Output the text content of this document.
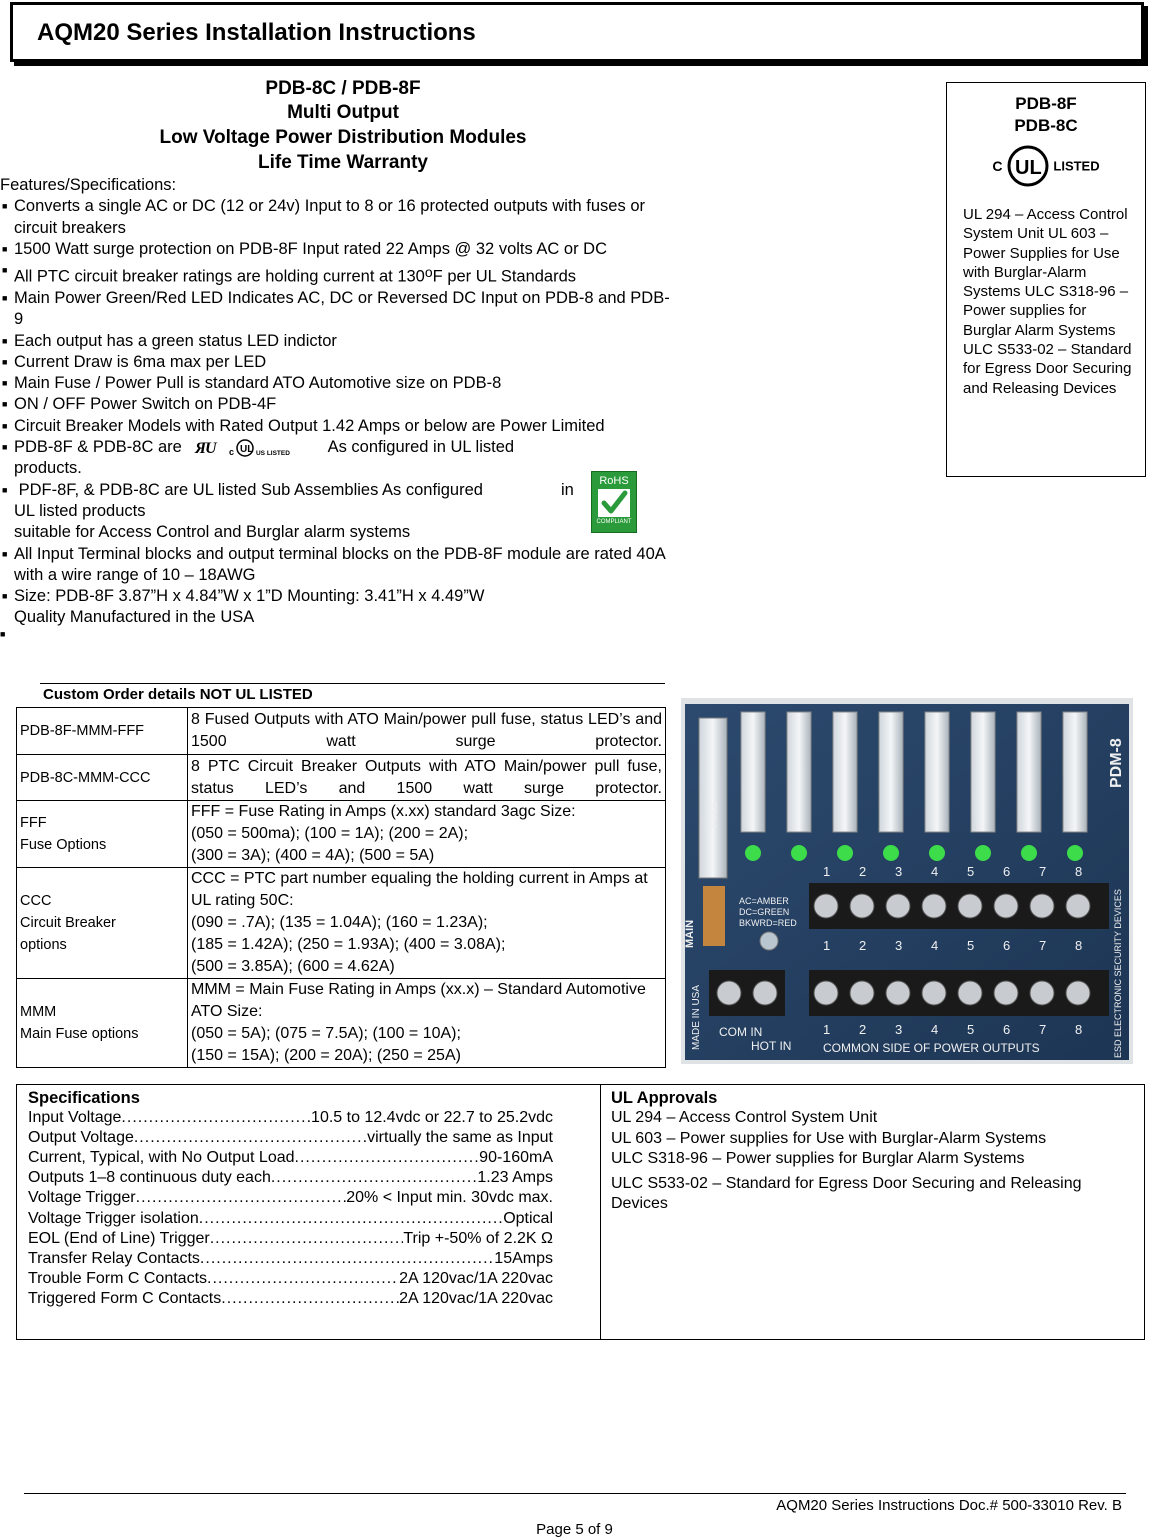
AQM20 Series Installation Instructions
PDB-8C / PDB-8F
Multi Output
Low Voltage Power Distribution Modules
Life Time Warranty
Features/Specifications:
■ Converts a single AC or DC (12 or 24v) Input to 8 or 16 protected outputs with fuses or circuit breakers
■ 1500 Watt surge protection on PDB-8F Input rated 22 Amps @ 32 volts AC or DC
■ All PTC circuit breaker ratings are holding current at 130$^o$F per UL Standards
■ Main Power Green/Red LED Indicates AC, DC or Reversed DC Input on PDB-8 and PDB-9
■ Each output has a green status LED indictor
■ Current Draw is 6ma max per LED
■ Main Fuse / Power Pull is standard ATO Automotive size on PDB-8
■ ON / OFF Power Switch on PDB-4F
■ Circuit Breaker Models with Rated Output 1.42 Amps or below are Power Limited
■ PDB-8F & PDB-8C are Я
U
c UL US LISTED As configured in UL listed
products.
■ PDF-8F, & PDB-8C are UL listed Sub Assemblies As configured	in
UL listed products
suitable for Access Control and Burglar alarm systems
■ All Input Terminal blocks and output terminal blocks on the PDB-8F module are rated 40A with a wire range of 10 – 18AWG
■ Size: PDB-8F 3.87”H x 4.84”W x 1”D Mounting: 3.41”H x 4.49”W
Quality Manufactured in the USA
■
RoHS
COMPLIANT
PDB-8F
PDB-8C
C UL LISTED
UL 294 – Access Control System Unit UL 603 – Power Supplies for Use with Burglar-Alarm Systems ULC S318-96 – Power supplies for Burglar Alarm Systems ULC S533-02 – Standard for Egress Door Securing and Releasing Devices
Custom Order details NOT UL LISTED
PDB-8F-MMM-FFF	8 Fused Outputs with ATO Main/power pull fuse, status LED’s and 1500 watt surge protector.
PDB-8C-MMM-CCC	8 PTC Circuit Breaker Outputs with ATO Main/power pull fuse, status LED’s and 1500 watt surge protector.
FFF
Fuse Options	FFF = Fuse Rating in Amps (x.xx) standard 3agc Size:
(050 = 500ma); (100 = 1A); (200 = 2A);
(300 = 3A); (400 = 4A); (500 = 5A)
CCC
Circuit Breaker
options	CCC = PTC part number equaling the holding current in Amps at UL rating 50C:
(090 = .7A); (135 = 1.04A); (160 = 1.23A);
(185 = 1.42A); (250 = 1.93A); (400 = 3.08A);
(500 = 3.85A); (600 = 4.62A)
MMM
Main Fuse options	MMM = Main Fuse Rating in Amps (xx.x) – Standard Automotive ATO Size:
(050 = 5A); (075 = 7.5A); (100 = 10A);
(150 = 15A); (200 = 20A); (250 = 25A)
FUSE
1 2 3 4 5 6 7 8
AC=AMBER
DC=GREEN
BKWRD=RED
MAIN	1 2 3 4 5 6 7 8
1 2 3 4 5 6 7 8
COM IN
HOT IN	COMMON SIDE OF POWER OUTPUTS
MADE IN USA	ESD ELECTRONIC SECURITY DEVICES
PDM-8
Specifications
Input Voltage .....	10.5 to 12.4vdc or 22.7 to 25.2vdc
Output Voltage .....	virtually the same as Input
Current, Typical, with No Output Load .....	90-160mA
Outputs 1–8 continuous duty each .....	1.23 Amps
Voltage Trigger .....	20% < Input min. 30vdc max.
Voltage Trigger isolation .....	Optical
EOL (End of Line) Trigger .....	Trip +-50% of 2.2K Ω
Transfer Relay Contacts .....	15Amps
Trouble Form C Contacts .....	2A 120vac/1A 220vac
Triggered Form C Contacts .....	2A 120vac/1A 220vac
UL Approvals
UL 294 – Access Control System Unit
UL 603 – Power supplies for Use with Burglar-Alarm Systems
ULC S318-96 – Power supplies for Burglar Alarm Systems
ULC S533-02 – Standard for Egress Door Securing and Releasing Devices
AQM20 Series Instructions Doc.# 500-33010 Rev. B
Page 5 of 9
